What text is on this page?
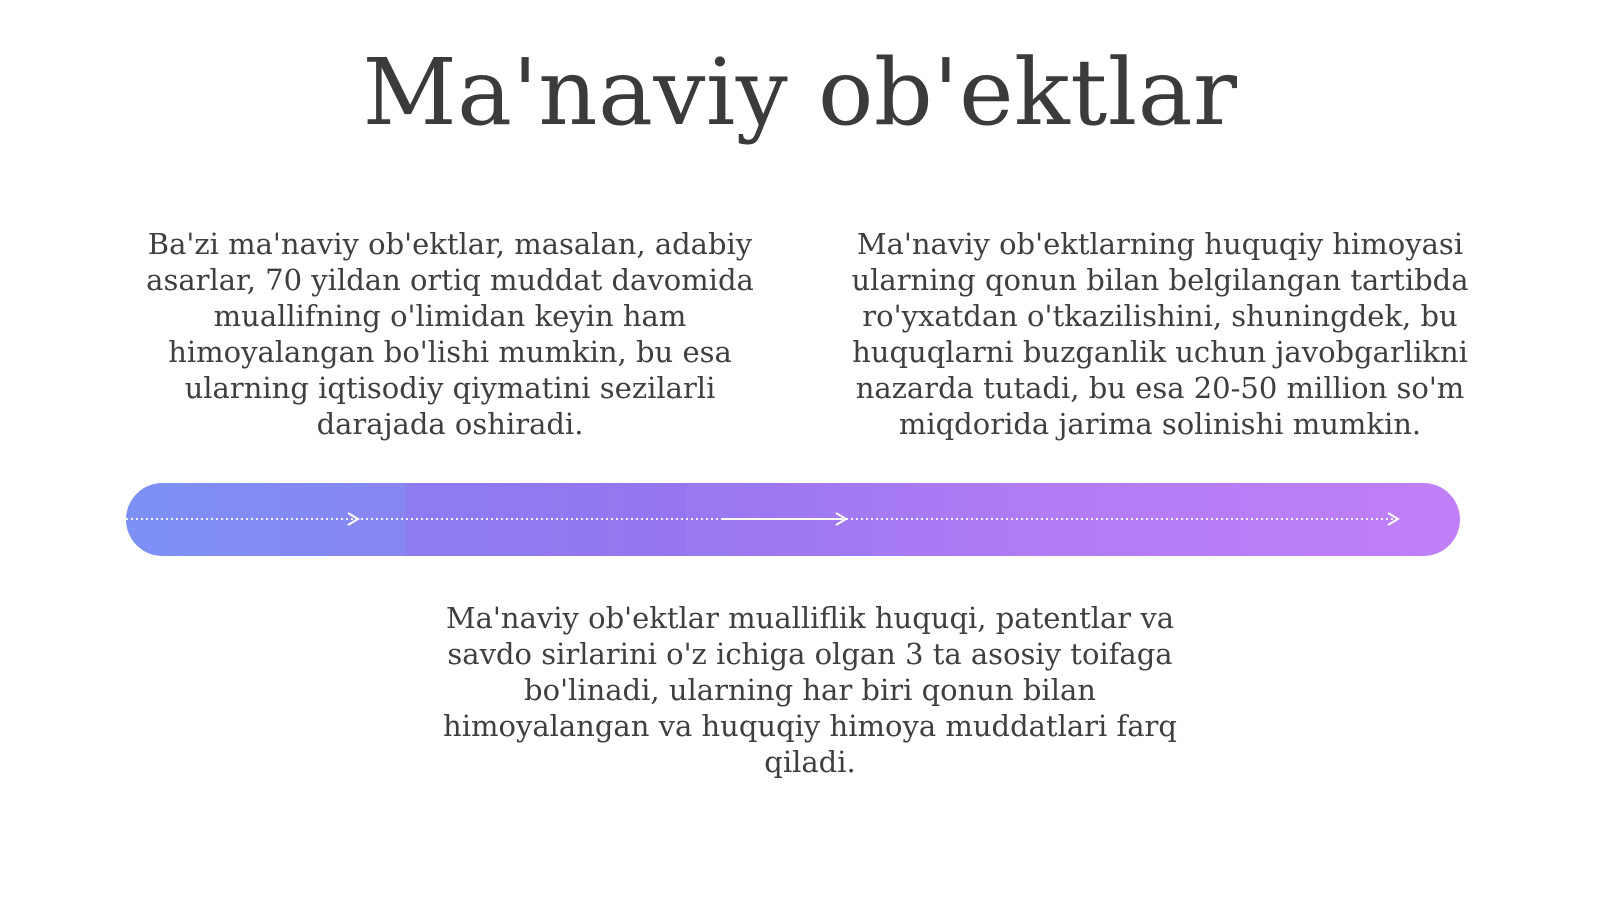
Ma'naviy ob'ektlar

Ba'zi ma'naviy ob'ektlar, masalan, adabiy asarlar, 70 yildan ortiq muddat davomida muallifning o'limidan keyin ham himoyalangan bo'lishi mumkin, bu esa ularning iqtisodiy qiymatini sezilarli darajada oshiradi.

Ma'naviy ob'ektlarning huquqiy himoyasi ularning qonun bilan belgilangan tartibda ro'yxatdan o'tkazilishini, shuningdek, bu huquqlarni buzganlik uchun javobgarlikni nazarda tutadi, bu esa 20-50 million so'm miqdorida jarima solinishi mumkin.

Ma'naviy ob'ektlar mualliflik huquqi, patentlar va savdo sirlarini o'z ichiga olgan 3 ta asosiy toifaga bo'linadi, ularning har biri qonun bilan himoyalangan va huquqiy himoya muddatlari farq qiladi.
